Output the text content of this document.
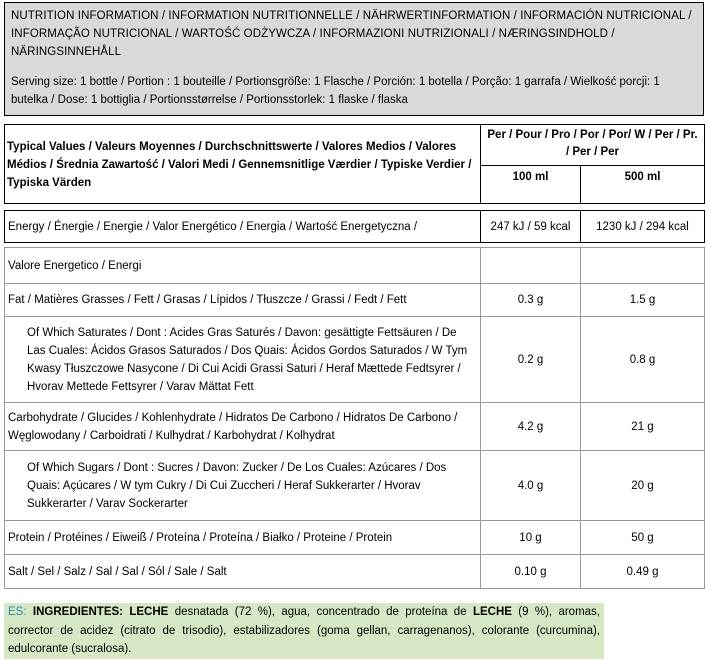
NUTRITION INFORMATION / INFORMATION NUTRITIONNELLE / NÄHRWERTINFORMATION / INFORMACIÓN NUTRICIONAL / INFORMAÇÃO NUTRICIONAL / WARTOŚĆ ODŻYWCZA / INFORMAZIONI NUTRIZIONALI / NÆRINGSINDHOLD / NÄRINGSINNEHÅLL
Serving size: 1 bottle / Portion : 1 bouteille / Portionsgröße: 1 Flasche / Porción: 1 botella / Porção: 1 garrafa / Wielkość porcji: 1 butelka / Dose: 1 bottiglia / Portionsstørrelse / Portionsstorlek: 1 flaske / flaska
Typical Values / Valeurs Moyennes / Durchschnittswerte / Valores Medios / Valores Médios / Średnia Zawartość / Valori Medi / Gennemsnitlige Værdier / Typiske Verdier / Typiska Värden	Per / Pour / Pro / Por / Por/ W / Per / Pr. / Per / Per	
	100 ml	500 ml
Energy / Énergie / Energie / Valor Energético / Energia / Wartość Energetyczna /	247 kJ / 59 kcal	1230 kJ / 294 kcal
Valore Energetico / Energi		
Fat / Matières Grasses / Fett / Grasas / Lípidos / Tłuszcze / Grassi / Fedt / Fett	0.3 g	1.5 g
Of Which Saturates / Dont : Acides Gras Saturés / Davon: gesättigte Fettsäuren / De Las Cuales: Ácidos Grasos Saturados / Dos Quais: Ácidos Gordos Saturados / W Tym Kwasy Tłuszczowe Nasycone / Di Cui Acidi Grassi Saturi / Heraf Mættede Fedtsyrer / Hvorav Mettede Fettsyrer / Varav Mättat Fett	0.2 g	0.8 g
Carbohydrate / Glucides / Kohlenhydrate / Hidratos De Carbono / Hidratos De Carbono / Węglowodany / Carboidrati / Kulhydrat / Karbohydrat / Kolhydrat	4.2 g	21 g
Of Which Sugars / Dont : Sucres / Davon: Zucker / De Los Cuales: Azúcares / Dos Quais: Açúcares / W tym Cukry / Di Cui Zuccheri / Heraf Sukkerarter / Hvorav Sukkerarter / Varav Sockerarter	4.0 g	20 g
Protein / Protéines / Eiweiß / Proteína / Proteína / Białko / Proteine / Protein	10 g	50 g
Salt / Sel / Salz / Sal / Sal / Sól / Sale / Salt	0.10 g	0.49 g
ES: INGREDIENTES: LECHE desnatada (72 %), agua, concentrado de proteína de LECHE (9 %), aromas, corrector de acidez (citrato de trisodio), estabilizadores (goma gellan, carragenanos), colorante (curcumina), edulcorante (sucralosa).
